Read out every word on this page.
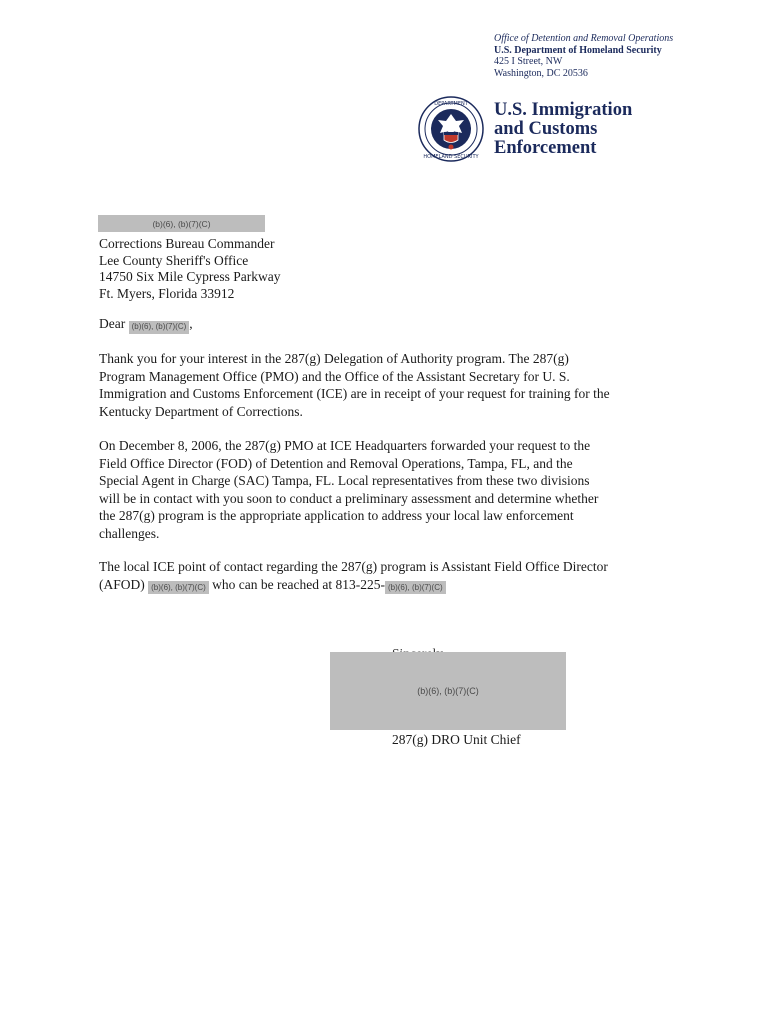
Office of Detention and Removal Operations
U.S. Department of Homeland Security
425 I Street, NW
Washington, DC 20536
DEPARTMENT
HOMELAND SECURITY
U.S. Immigration
and Customs
Enforcement
(b)(6), (b)(7)(C)
Corrections Bureau Commander
Lee County Sheriff's Office
14750 Six Mile Cypress Parkway
Ft. Myers, Florida 33912
Dear (b)(6), (b)(7)(C) ,
Thank you for your interest in the 287(g) Delegation of Authority program. The 287(g)
Program Management Office (PMO) and the Office of the Assistant Secretary for U. S.
Immigration and Customs Enforcement (ICE) are in receipt of your request for training for the
Kentucky Department of Corrections.
On December 8, 2006, the 287(g) PMO at ICE Headquarters forwarded your request to the
Field Office Director (FOD) of Detention and Removal Operations, Tampa, FL, and the
Special Agent in Charge (SAC) Tampa, FL. Local representatives from these two divisions
will be in contact with you soon to conduct a preliminary assessment and determine whether
the 287(g) program is the appropriate application to address your local law enforcement
challenges.
The local ICE point of contact regarding the 287(g) program is Assistant Field Office Director
(AFOD) (b)(6), (b)(7)(C) who can be reached at 813-225- (b)(6), (b)(7)(C)
(b)(6), (b)(7)(C)
287(g) DRO Unit Chief
